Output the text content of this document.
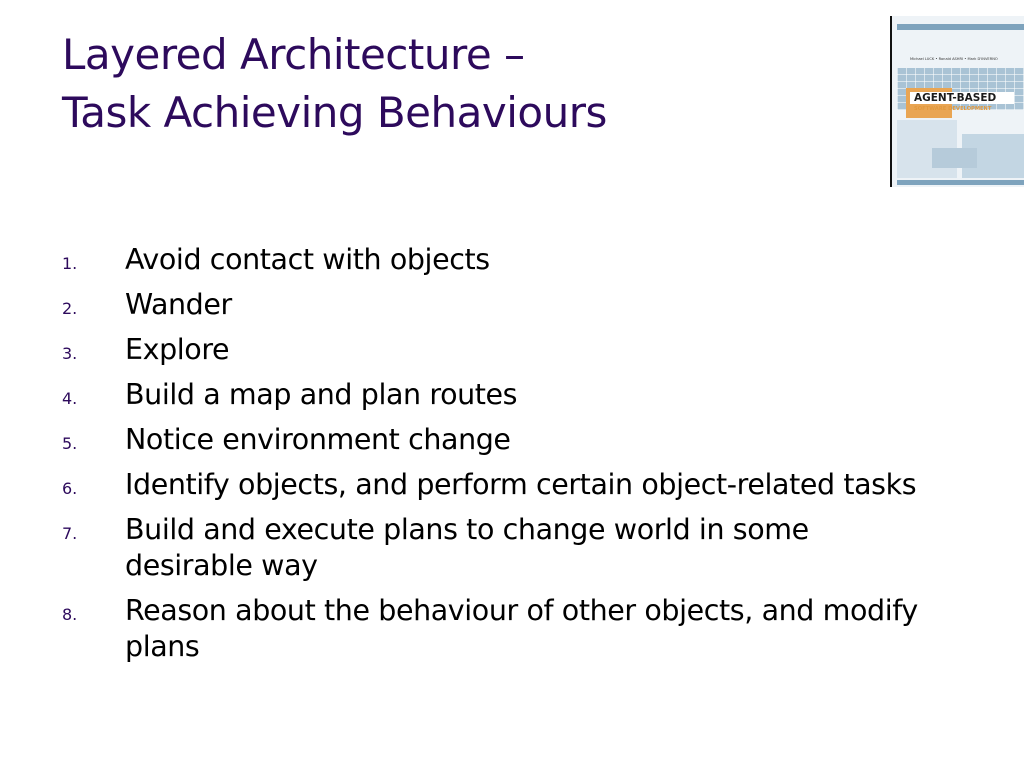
Layered Architecture –
Task Achieving Behaviours
Michael LUCK • Ronald ASHRI • Mark D'INVERNO
AGENT-BASED
SOFTWARE DEVELOPMENT
1.	Avoid contact with objects
2.	Wander
3.	Explore
4.	Build a map and plan routes
5.	Notice environment change
6.	Identify objects, and perform certain object-related tasks
7.	Build and execute plans to change world in some desirable way
8.	Reason about the behaviour of other objects, and modify plans
